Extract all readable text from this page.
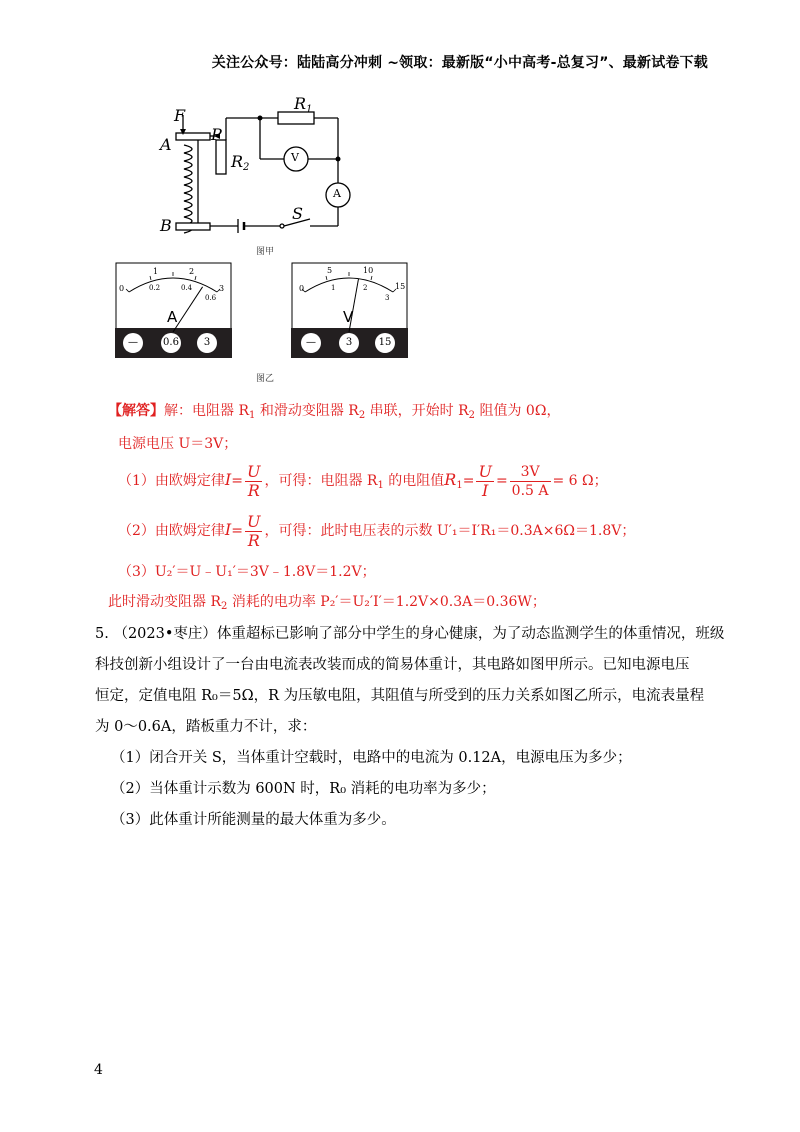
关注公众号：陆陆高分冲刺 ~领取：最新版“小中高考-总复习”、最新试卷下载
F
A
B
P
$R_1$
$R_2$
V
A
S
图甲
0
1	2
3
0.2	0.4
0.6
A
—	0.6	3
0
5	10
15
1	2
3
V
—	3	15
图乙
【解答】解：电阻器 $R_1$ 和滑动变阻器 $R_2$ 串联，开始时 $R_2$ 阻值为 0Ω，
电源电压 U＝3V；
（1）由欧姆定律$I= \frac{U}{R}$ ，可得：电阻器 $R_1$ 的电阻值$R_1= \frac{U}{I} = \frac{3V}{0.5 A} = 6$ Ω；
（2）由欧姆定律$I= \frac{U}{R}$ ，可得：此时电压表的示数 U′₁＝I′R₁＝0.3A×6Ω＝1.8V；
（3）U₂′＝U﹣U₁′＝3V﹣1.8V＝1.2V；
此时滑动变阻器 $R_2$ 消耗的电功率 P₂′＝U₂′I′＝1.2V×0.3A＝0.36W；
5. （2023•枣庄）体重超标已影响了部分中学生的身心健康，为了动态监测学生的体重情况，班级
科技创新小组设计了一台由电流表改装而成的简易体重计，其电路如图甲所示。已知电源电压
恒定，定值电阻 R₀＝5Ω，R 为压敏电阻，其阻值与所受到的压力关系如图乙所示，电流表量程
为 0～0.6A，踏板重力不计，求：
（1）闭合开关 S，当体重计空载时，电路中的电流为 0.12A，电源电压为多少；
（2）当体重计示数为 600N 时，R₀ 消耗的电功率为多少；
（3）此体重计所能测量的最大体重为多少。
4
